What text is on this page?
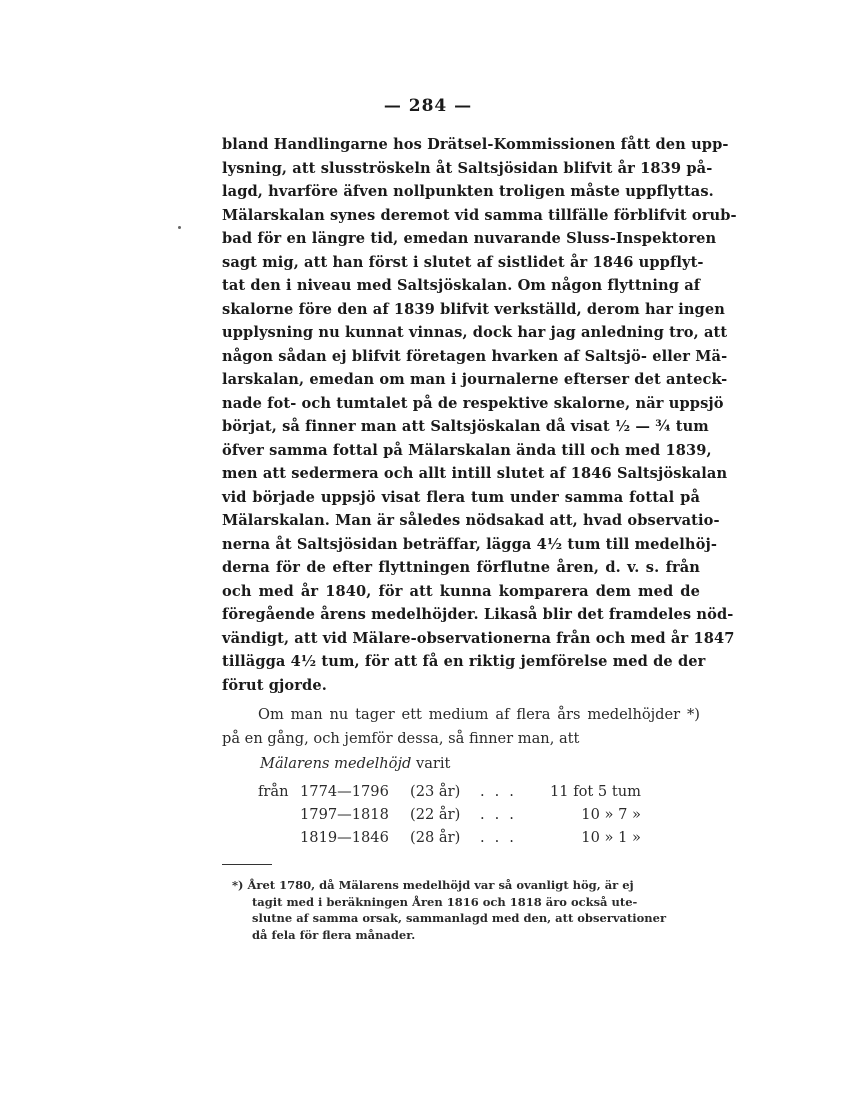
— 284 —
bland Handlingarne hos Drätsel-Kommissionen fått den upp-
lysning, att slusströskeln åt Saltsjösidan blifvit år 1839 på-
lagd, hvarföre äfven nollpunkten troligen måste uppflyttas.
Mälarskalan synes deremot vid samma tillfälle förblifvit orub-
bad för en längre tid, emedan nuvarande Sluss-Inspektoren
sagt mig, att han först i slutet af sistlidet år 1846 uppflyt-
tat den i niveau med Saltsjöskalan. Om någon flyttning af
skalorne före den af 1839 blifvit verkställd, derom har ingen
upplysning nu kunnat vinnas, dock har jag anledning tro, att
någon sådan ej blifvit företagen hvarken af Saltsjö- eller Mä-
larskalan, emedan om man i journalerne efterser det anteck-
nade fot- och tumtalet på de respektive skalorne, när uppsjö
börjat, så finner man att Saltsjöskalan då visat ½ — ¾ tum
öfver samma fottal på Mälarskalan ända till och med 1839,
men att sedermera och allt intill slutet af 1846 Saltsjöskalan
vid började uppsjö visat flera tum under samma fottal på
Mälarskalan. Man är således nödsakad att, hvad observatio-
nerna åt Saltsjösidan beträffar, lägga 4½ tum till medelhöj-
derna för de efter flyttningen förflutne åren, d. v. s. från
och med år 1840, för att kunna komparera dem med de
föregående årens medelhöjder. Likaså blir det framdeles nöd-
vändigt, att vid Mälare-observationerna från och med år 1847
tillägga 4½ tum, för att få en riktig jemförelse med de der
förut gjorde.
Om man nu tager ett medium af flera års medelhöjder *)
på en gång, och jemför dessa, så finner man, att
Mälarens medelhöjd varit
från	1774—1796	(23 år)	...	11 fot 5 tum
	1797—1818	(22 år)	...	10 » 7 »
	1819—1846	(28 år)	...	10 » 1 »
*) Året 1780, då Mälarens medelhöjd var så ovanligt hög, är ej
tagit med i beräkningen Åren 1816 och 1818 äro också ute-
slutne af samma orsak, sammanlagd med den, att observationer
då fela för flera månader.
